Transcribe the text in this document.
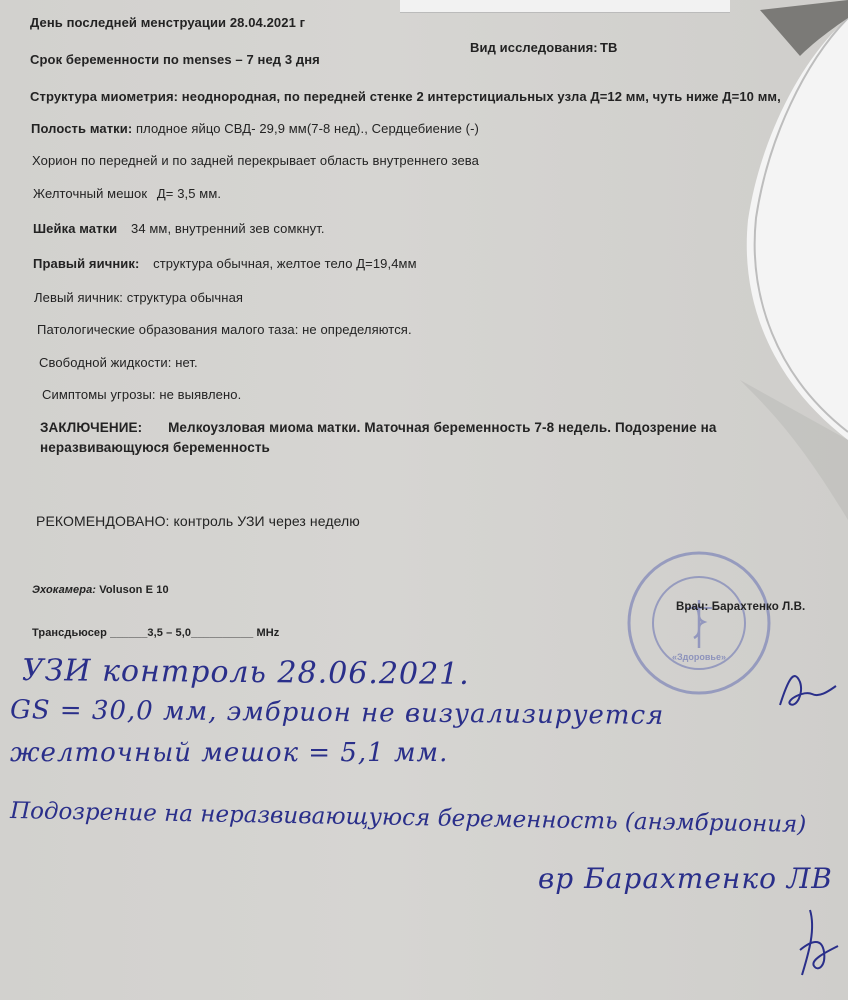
День последней менструации 28.04.2021 г
Вид исследования: ТВ
Срок беременности по menses – 7 нед 3 дня
Структура миометрия: неоднородная, по передней стенке 2 интерстициальных узла Д=12 мм, чуть ниже Д=10 мм,
Полость матки: плодное яйцо СВД- 29,9 мм(7-8 нед)., Сердцебиение (-)
Хорион по передней и по задней перекрывает область внутреннего зева
Желточный мешок Д= 3,5 мм.
Шейка матки 34 мм, внутренний зев сомкнут.
Правый яичник: структура обычная, желтое тело Д=19,4мм
Левый яичник: структура обычная
Патологические образования малого таза: не определяются.
Свободной жидкости: нет.
Симптомы угрозы: не выявлено.
ЗАКЛЮЧЕНИЕ: Мелкоузловая миома матки. Маточная беременность 7-8 недель. Подозрение на
неразвивающуюся беременность
РЕКОМЕНДОВАНО: контроль УЗИ через неделю
Эхокамера: Voluson E 10
Трансдьюсер ______3,5 – 5,0__________ MHz
«Здоровье»
Врач: Барахтенко Л.В.
УЗИ контроль 28.06.2021.
GS = 30,0 мм, эмбрион не визуализируется
желточный мешок = 5,1 мм.
Подозрение на неразвивающуюся беременность (анэмбриония)
вр Барахтенко ЛВ
